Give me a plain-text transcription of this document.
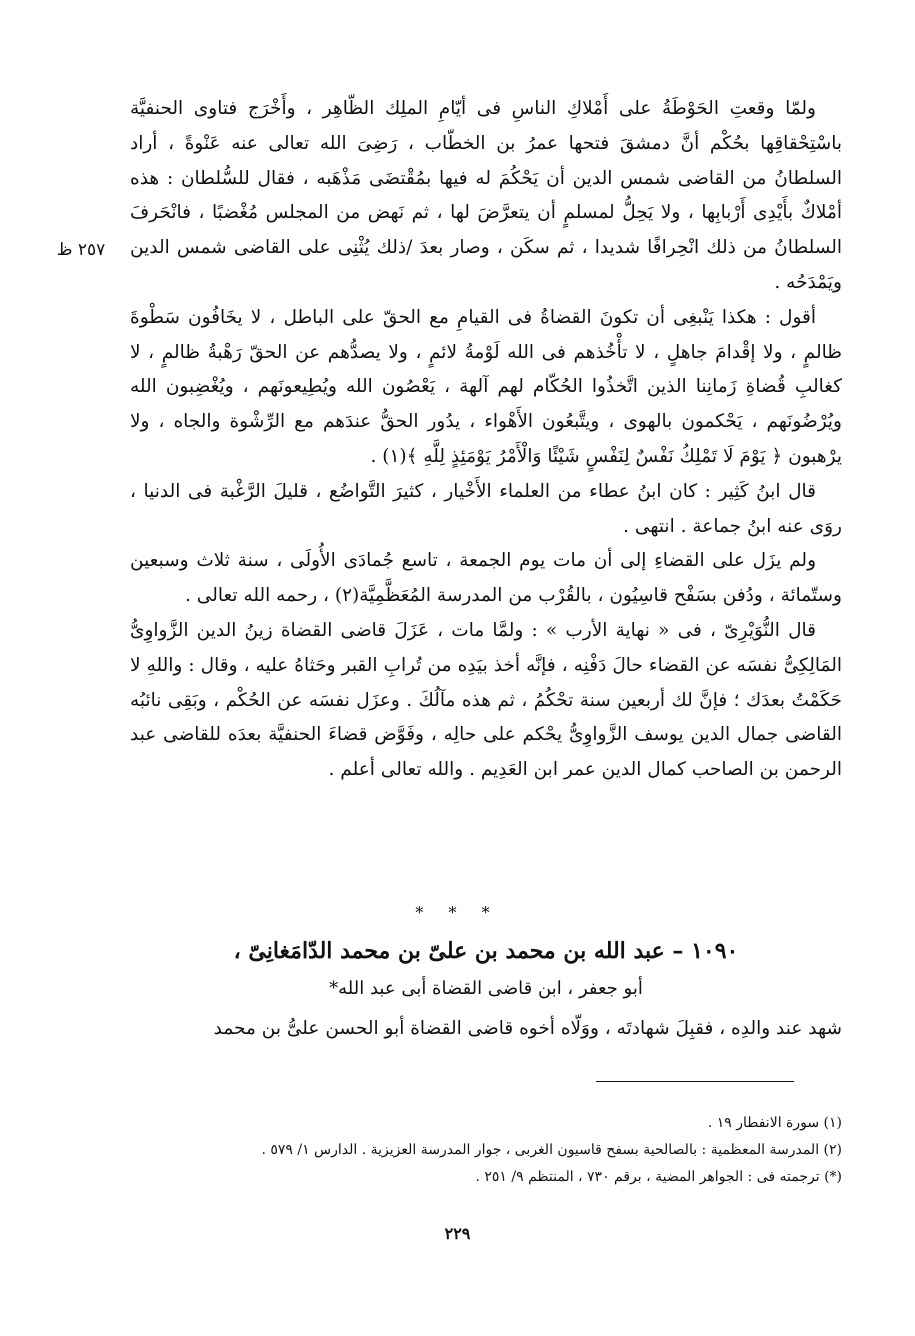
ولمّا وقعتِ الحَوْطَةُ على أَمْلاكِ الناسِ فى أيّامِ الملِك الظّاهِر ، وأَخْرَج فتاوى الحنفيَّة باسْتِحْقاقِها بحُكْم أنَّ دمشقَ فتحها عمرُ بن الخطّاب ، رَضِىَ الله تعالى عنه عَنْوةً ، أراد السلطانُ من القاضى شمس الدين أن يَحْكُمَ له فيها بمُقْتضَى مَذْهَبه ، فقال للسُّلطان : هذه أمْلاكٌ بأَيْدِى أَرْبابِها ، ولا يَحِلُّ لمسلمٍ أن يتعرَّضَ لها ، ثم نَهض من المجلس مُغْضبًا ، فانْحَرفَ السلطانُ من ذلك انْحِرافًا شديدا ، ثم سكَن ، وصار بعدَ /ذلك يُثْنِى على القاضى شمس الدين ويَمْدَحُه .

أقول : هكذا يَنْبغِى أن تكونَ القضاةُ فى القيامِ مع الحقّ على الباطل ، لا يخَافُون سَطْوةَ ظالمٍ ، ولا إقْدامَ جاهلٍ ، لا تأْخُذهم فى الله لَوْمةُ لائمٍ ، ولا يصدُّهم عن الحقّ رَهْبةُ ظالمٍ ، لا كغالبِ قُضاةِ زَمانِنا الذين اتَّخذُوا الحُكّام لهم آلهة ، يَعْصُون الله ويُطِيعونَهم ، ويُغْضِبون الله ويُرْضُونَهم ، يَحْكمون بالهوى ، ويتَّبعُون الأَهْواء ، يدُور الحقُّ عندَهم مع الرِّشْوة والجاه ، ولا يرْهبون ﴿ يَوْمَ لَا تَمْلِكُ نَفْسٌ لِنَفْسٍ شَيْئًا وَالْأَمْرُ يَوْمَئِذٍ لِلَّهِ ﴾(١) .

قال ابنُ كَثِير : كان ابنُ عطاء من العلماء الأَخْيار ، كثيرَ التَّواضُع ، قليلَ الرَّغْبة فى الدنيا ، روَى عنه ابنُ جماعة . انتهى .

ولم يزَل على القضاءِ إلى أن مات يوم الجمعة ، تاسع جُمادَى الأُولَى ، سنة ثلاث وسبعين وستّمائة ، ودُفن بسَفْح قاسِيُون ، بالقُرْب من المدرسة المُعَظَّمِيَّة(٢) ، رحمه الله تعالى .

قال النُّوَيْرِىّ ، فى « نهاية الأرب » : ولمَّا مات ، عَزَلَ قاضى القضاة زينُ الدين الزَّواوِىُّ المَالِكِىُّ نفسَه عن القضاء حالَ دَفْنِه ، فإنَّه أخذ بيَدِه من تُرابِ القبر وحَثاهُ عليه ، وقال : واللهِ لا حَكَمْتُ بعدَك ؛ فإنَّ لك أربعين سنة تحْكُمُ ، ثم هذه مآلُكَ . وعزَل نفسَه عن الحُكْم ، وبَقِى نائبُه القاضى جمال الدين يوسف الزَّواوِىُّ يحْكم على حالِه ، وفَوَّض قضاءَ الحنفيَّة بعدَه للقاضى عبد الرحمن بن الصاحب كمال الدين عمر ابن العَدِيم . والله تعالى أعلم .

٢٥٧ ظ
* * *
١٠٩٠ – عبد الله بن محمد بن علىّ بن محمد الدّامَغانِىّ ،
أبو جعفر ، ابن قاضى القضاة أبى عبد الله*
شهد عند والدِه ، فقبِلَ شهادتَه ، ووَلّاه أخوه قاضى القضاة أبو الحسن علىُّ بن محمد
(١) سورة الانفطار ١٩ .
(٢) المدرسة المعظمية : بالصالحية بسفح قاسيون الغربى ، جوار المدرسة العزيزية . الدارس ١/ ٥٧٩ .
(*) ترجمته فى : الجواهر المضية ، برقم ٧٣٠ ، المنتظم ٩/ ٢٥١ .
٢٢٩
